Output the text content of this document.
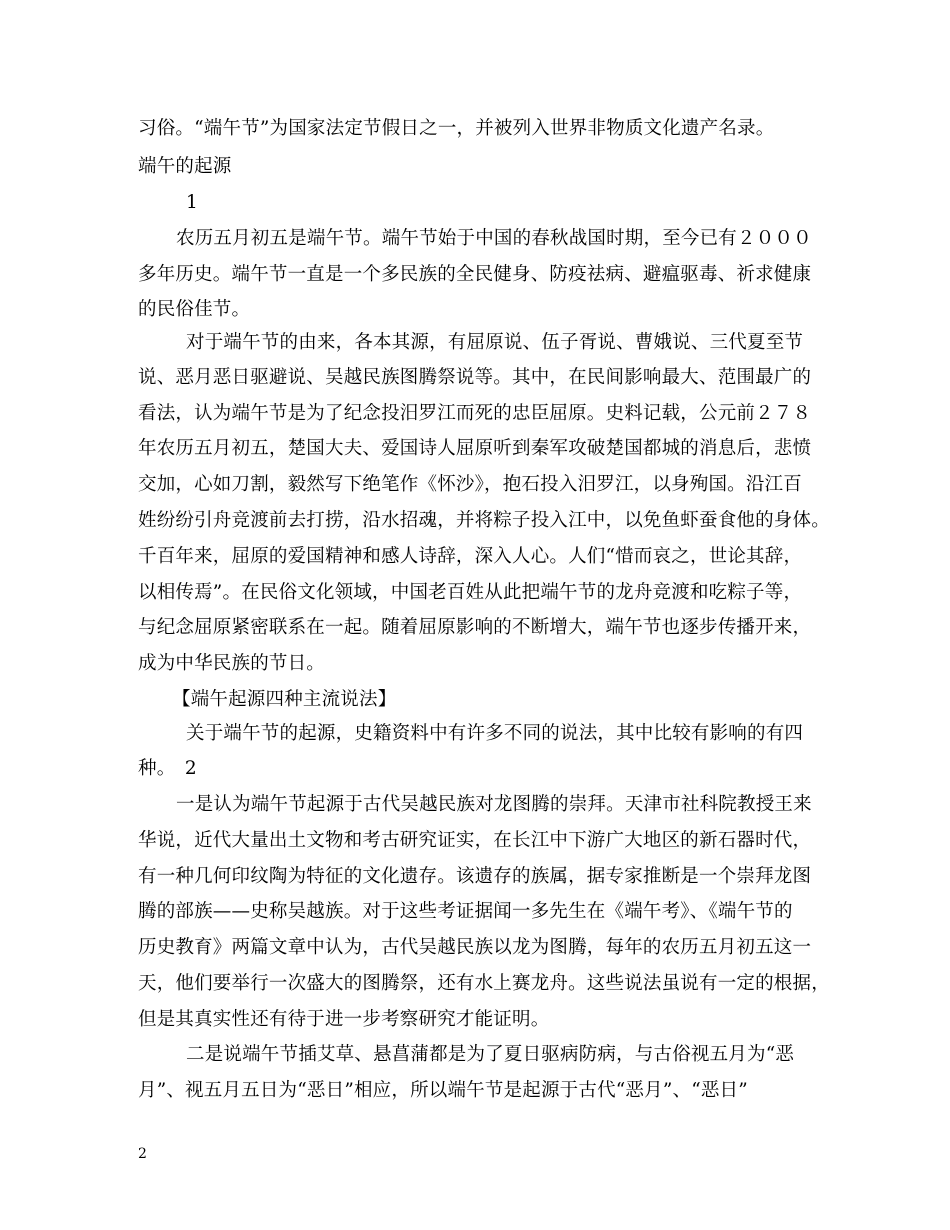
习俗。“端午节”为国家法定节假日之一，并被列入世界非物质文化遗产名录。
端午的起源
1
农历五月初五是端午节。端午节始于中国的春秋战国时期，至今已有２０００
多年历史。端午节一直是一个多民族的全民健身、防疫祛病、避瘟驱毒、祈求健康
的民俗佳节。
对于端午节的由来，各本其源，有屈原说、伍子胥说、曹娥说、三代夏至节
说、恶月恶日驱避说、吴越民族图腾祭说等。其中，在民间影响最大、范围最广的
看法，认为端午节是为了纪念投汨罗江而死的忠臣屈原。史料记载，公元前２７８
年农历五月初五，楚国大夫、爱国诗人屈原听到秦军攻破楚国都城的消息后，悲愤
交加，心如刀割，毅然写下绝笔作《怀沙》，抱石投入汨罗江，以身殉国。沿江百
姓纷纷引舟竞渡前去打捞，沿水招魂，并将粽子投入江中，以免鱼虾蚕食他的身体。
千百年来，屈原的爱国精神和感人诗辞，深入人心。人们“惜而哀之，世论其辞，
以相传焉”。在民俗文化领域，中国老百姓从此把端午节的龙舟竞渡和吃粽子等，
与纪念屈原紧密联系在一起。随着屈原影响的不断增大，端午节也逐步传播开来，
成为中华民族的节日。
【端午起源四种主流说法】
关于端午节的起源，史籍资料中有许多不同的说法，其中比较有影响的有四
种。　2
一是认为端午节起源于古代吴越民族对龙图腾的崇拜。天津市社科院教授王来
华说，近代大量出土文物和考古研究证实，在长江中下游广大地区的新石器时代，
有一种几何印纹陶为特征的文化遗存。该遗存的族属，据专家推断是一个崇拜龙图
腾的部族——史称吴越族。对于这些考证据闻一多先生在《端午考》、《端午节的
历史教育》两篇文章中认为，古代吴越民族以龙为图腾，每年的农历五月初五这一
天，他们要举行一次盛大的图腾祭，还有水上赛龙舟。这些说法虽说有一定的根据，
但是其真实性还有待于进一步考察研究才能证明。
二是说端午节插艾草、悬菖蒲都是为了夏日驱病防病，与古俗视五月为“恶
月”、视五月五日为“恶日”相应，所以端午节是起源于古代“恶月”、“恶日”
2
